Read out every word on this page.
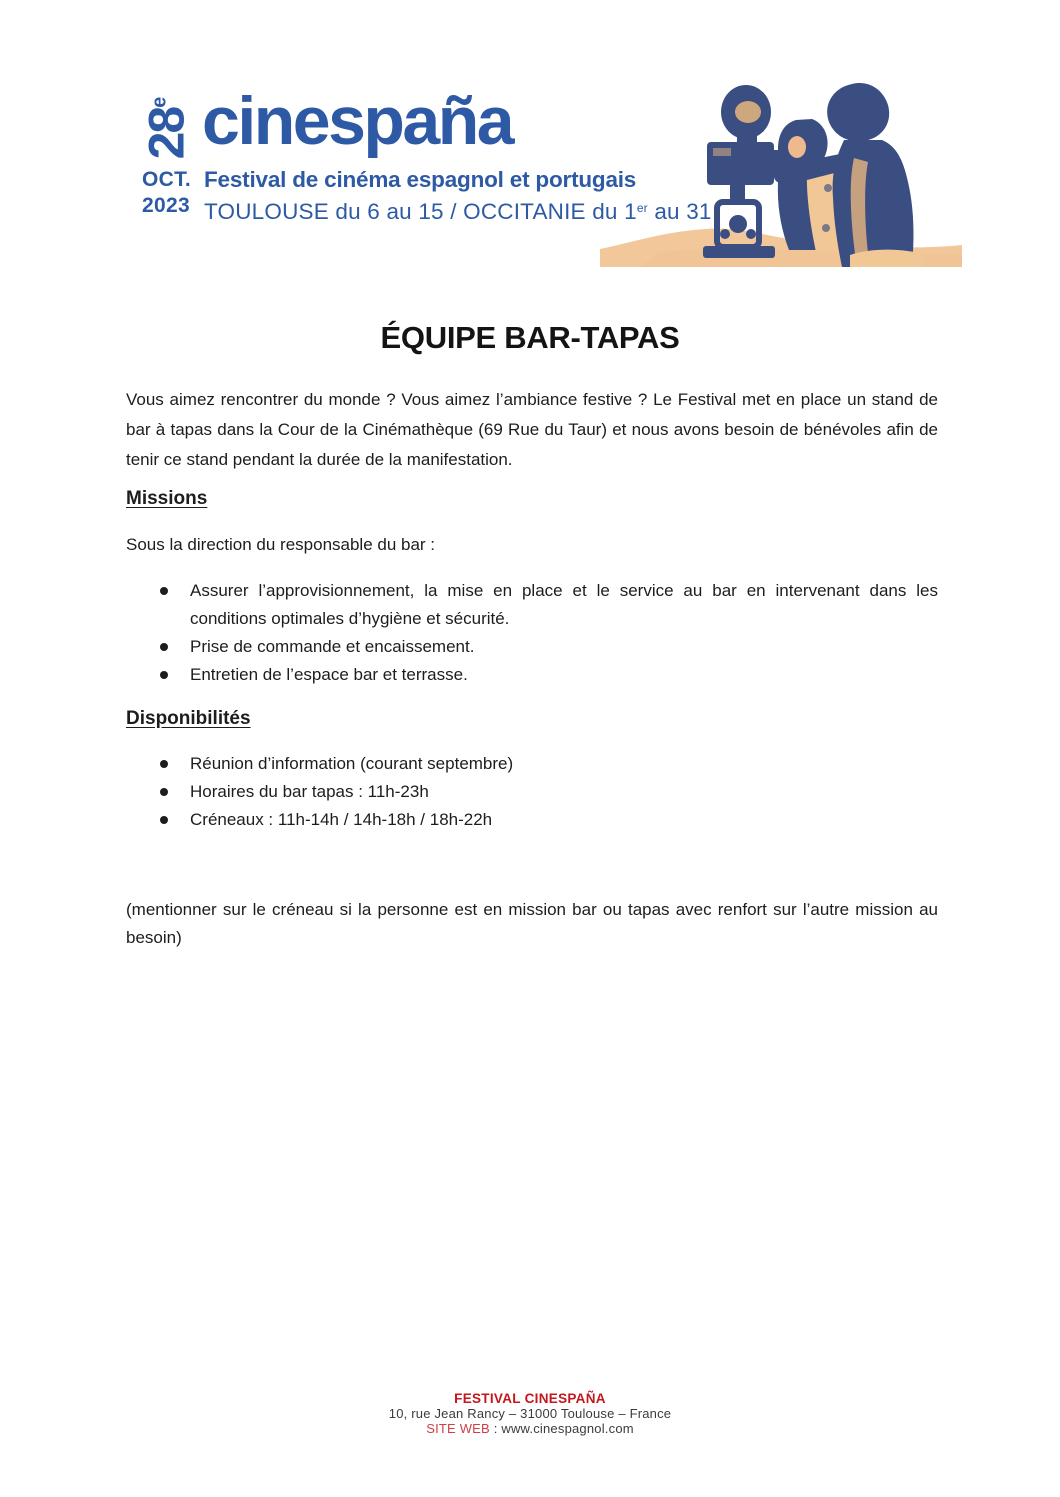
28e cinespaña
OCT.
2023
Festival de cinéma espagnol et portugais
TOULOUSE du 6 au 15 / OCCITANIE du 1er au 31
ÉQUIPE BAR-TAPAS

Vous aimez rencontrer du monde ? Vous aimez l’ambiance festive ? Le Festival met en place un stand de bar à tapas dans la Cour de la Cinémathèque (69 Rue du Taur) et nous avons besoin de bénévoles afin de tenir ce stand pendant la durée de la manifestation.

Missions

Sous la direction du responsable du bar :

Assurer l’approvisionnement, la mise en place et le service au bar en intervenant dans les conditions optimales d’hygiène et sécurité.
Prise de commande et encaissement.
Entretien de l’espace bar et terrasse.
Disponibilités
Réunion d’information (courant septembre)
Horaires du bar tapas : 11h-23h
Créneaux : 11h-14h / 14h-18h / 18h-22h

(mentionner sur le créneau si la personne est en mission bar ou tapas avec renfort sur l’autre mission au besoin)

FESTIVAL CINESPAÑA
10, rue Jean Rancy – 31000 Toulouse – France
SITE WEB : www.cinespagnol.com
